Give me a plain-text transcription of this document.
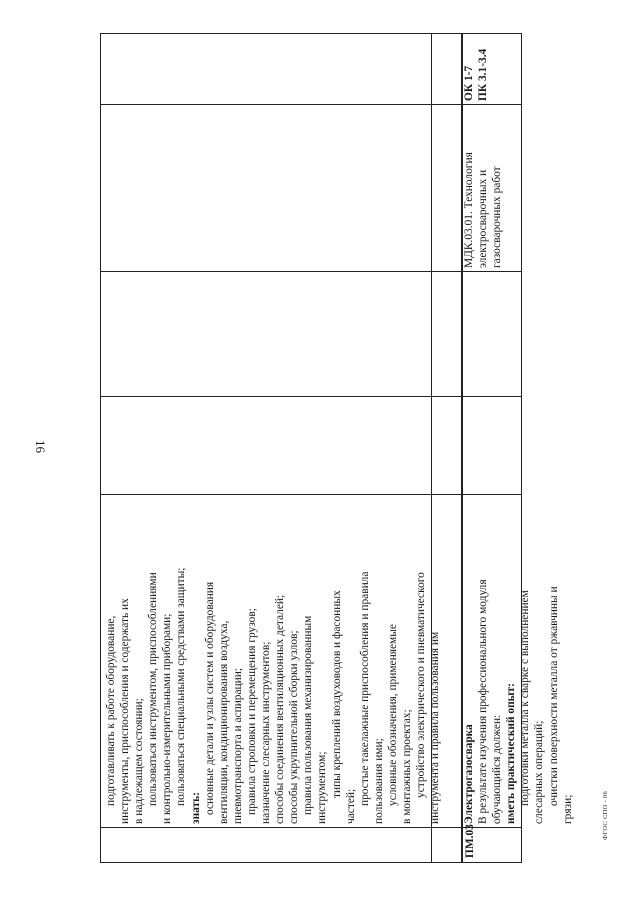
16
подготавливать к работе оборудование, инструменты, приспособления и содержать их в надлежащем состоянии; пользоваться инструментом, приспособлениями и контрольно-измерительными приборами; пользоваться специальными средствами защиты;
знать: основные детали и узлы систем и оборудования вентиляции, кондиционирования воздуха, пневмотранспорта и аспирации; правила строповки и перемещения грузов; назначение слесарных инструментов; способы соединения вентиляционных деталей; способы укрупнительной сборки узлов; правила пользования механизированным инструментом; типы креплений воздуховодов и фасонных
частей;
простые такелажные приспособления и правила пользования ими; условные обозначения, применяемые в монтажных проектах; устройство электрического и пневматического инструмента и правила пользования им
ПМ.03
Электрогазосварка В результате изучения профессионального модуля обучающийся должен: иметь практический опыт: подготовки металла к сварке с выполнением слесарных операций; очистки поверхности металла от ржавчины и
грязи;
МДК.03.01. Технология электросварочных и газосварочных работ
ОК 1-7 ПК 3.1-3.4
ФГОС СПО - 06
